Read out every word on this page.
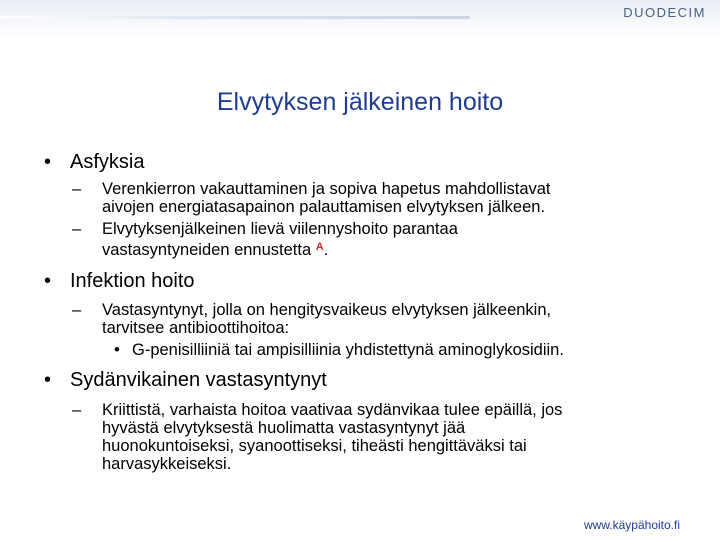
DUODECIM
Elvytyksen jälkeinen hoito
• Asfyksia
– Verenkierron vakauttaminen ja sopiva hapetus mahdollistavat
aivojen energiatasapainon palauttamisen elvytyksen jälkeen.
– Elvytyksenjälkeinen lievä viilennyshoito parantaa
vastasyntyneiden ennustetta $^A$.
• Infektion hoito
– Vastasyntynyt, jolla on hengitysvaikeus elvytyksen jälkeenkin,
tarvitsee antibioottihoitoa:
• G-penisilliiniä tai ampisilliinia yhdistettynä aminoglykosidiin.
• Sydänvikainen vastasyntynyt
– Kriittistä, varhaista hoitoa vaativaa sydänvikaa tulee epäillä, jos
hyvästä elvytyksestä huolimatta vastasyntynyt jää
huonokuntoiseksi, syanoottiseksi, tiheästi hengittäväksi tai
harvasykkeiseksi.
www.käypähoito.fi
